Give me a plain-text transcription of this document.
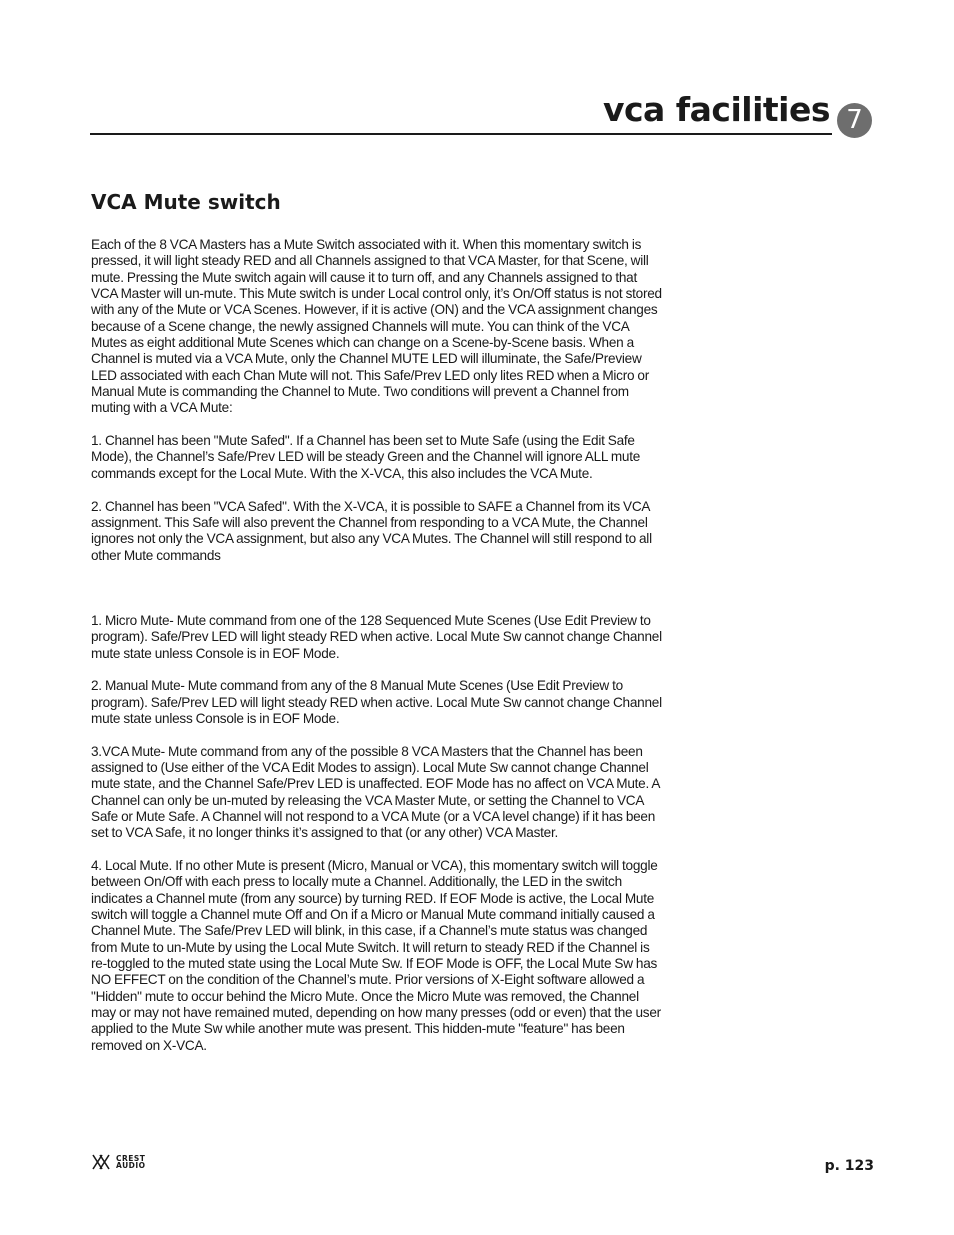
vca facilities 7
VCA Mute switch

Each of the 8 VCA Masters has a Mute Switch associated with it. When this momentary switch is pressed, it will light steady RED and all Channels assigned to that VCA Master, for that Scene, will mute. Pressing the Mute switch again will cause it to turn off, and any Channels assigned to that VCA Master will un-mute. This Mute switch is under Local control only, it’s On/Off status is not stored with any of the Mute or VCA Scenes. However, if it is active (ON) and the VCA assignment changes because of a Scene change, the newly assigned Channels will mute. You can think of the VCA Mutes as eight additional Mute Scenes which can change on a Scene-by-Scene basis. When a Channel is muted via a VCA Mute, only the Channel MUTE LED will illuminate, the Safe/Preview LED associated with each Chan Mute will not. This Safe/Prev LED only lites RED when a Micro or Manual Mute is commanding the Channel to Mute. Two conditions will prevent a Channel from muting with a VCA Mute:

1. Channel has been "Mute Safed". If a Channel has been set to Mute Safe (using the Edit Safe Mode), the Channel’s Safe/Prev LED will be steady Green and the Channel will ignore ALL mute commands except for the Local Mute. With the X-VCA, this also includes the VCA Mute.

2. Channel has been "VCA Safed". With the X-VCA, it is possible to SAFE a Channel from its VCA assignment. This Safe will also prevent the Channel from responding to a VCA Mute, the Channel ignores not only the VCA assignment, but also any VCA Mutes. The Channel will still respond to all other Mute commands

1. Micro Mute- Mute command from one of the 128 Sequenced Mute Scenes (Use Edit Preview to program). Safe/Prev LED will light steady RED when active. Local Mute Sw cannot change Channel mute state unless Console is in EOF Mode.

2. Manual Mute- Mute command from any of the 8 Manual Mute Scenes (Use Edit Preview to program). Safe/Prev LED will light steady RED when active. Local Mute Sw cannot change Channel mute state unless Console is in EOF Mode.

3.VCA Mute- Mute command from any of the possible 8 VCA Masters that the Channel has been assigned to (Use either of the VCA Edit Modes to assign). Local Mute Sw cannot change Channel mute state, and the Channel Safe/Prev LED is unaffected. EOF Mode has no affect on VCA Mute. A Channel can only be un-muted by releasing the VCA Master Mute, or setting the Channel to VCA Safe or Mute Safe. A Channel will not respond to a VCA Mute (or a VCA level change) if it has been set to VCA Safe, it no longer thinks it’s assigned to that (or any other) VCA Master.

4. Local Mute. If no other Mute is present (Micro, Manual or VCA), this momentary switch will toggle between On/Off with each press to locally mute a Channel. Additionally, the LED in the switch indicates a Channel mute (from any source) by turning RED. If EOF Mode is active, the Local Mute switch will toggle a Channel mute Off and On if a Micro or Manual Mute command initially caused a Channel Mute. The Safe/Prev LED will blink, in this case, if a Channel’s mute status was changed from Mute to un-Mute by using the Local Mute Switch. It will return to steady RED if the Channel is re-toggled to the muted state using the Local Mute Sw. If EOF Mode is OFF, the Local Mute Sw has NO EFFECT on the condition of the Channel’s mute. Prior versions of X-Eight software allowed a "Hidden" mute to occur behind the Micro Mute. Once the Micro Mute was removed, the Channel may or may not have remained muted, depending on how many presses (odd or even) that the user applied to the Mute Sw while another mute was present. This hidden-mute "feature" has been removed on X-VCA.

CREST
AUDIO	p. 123
